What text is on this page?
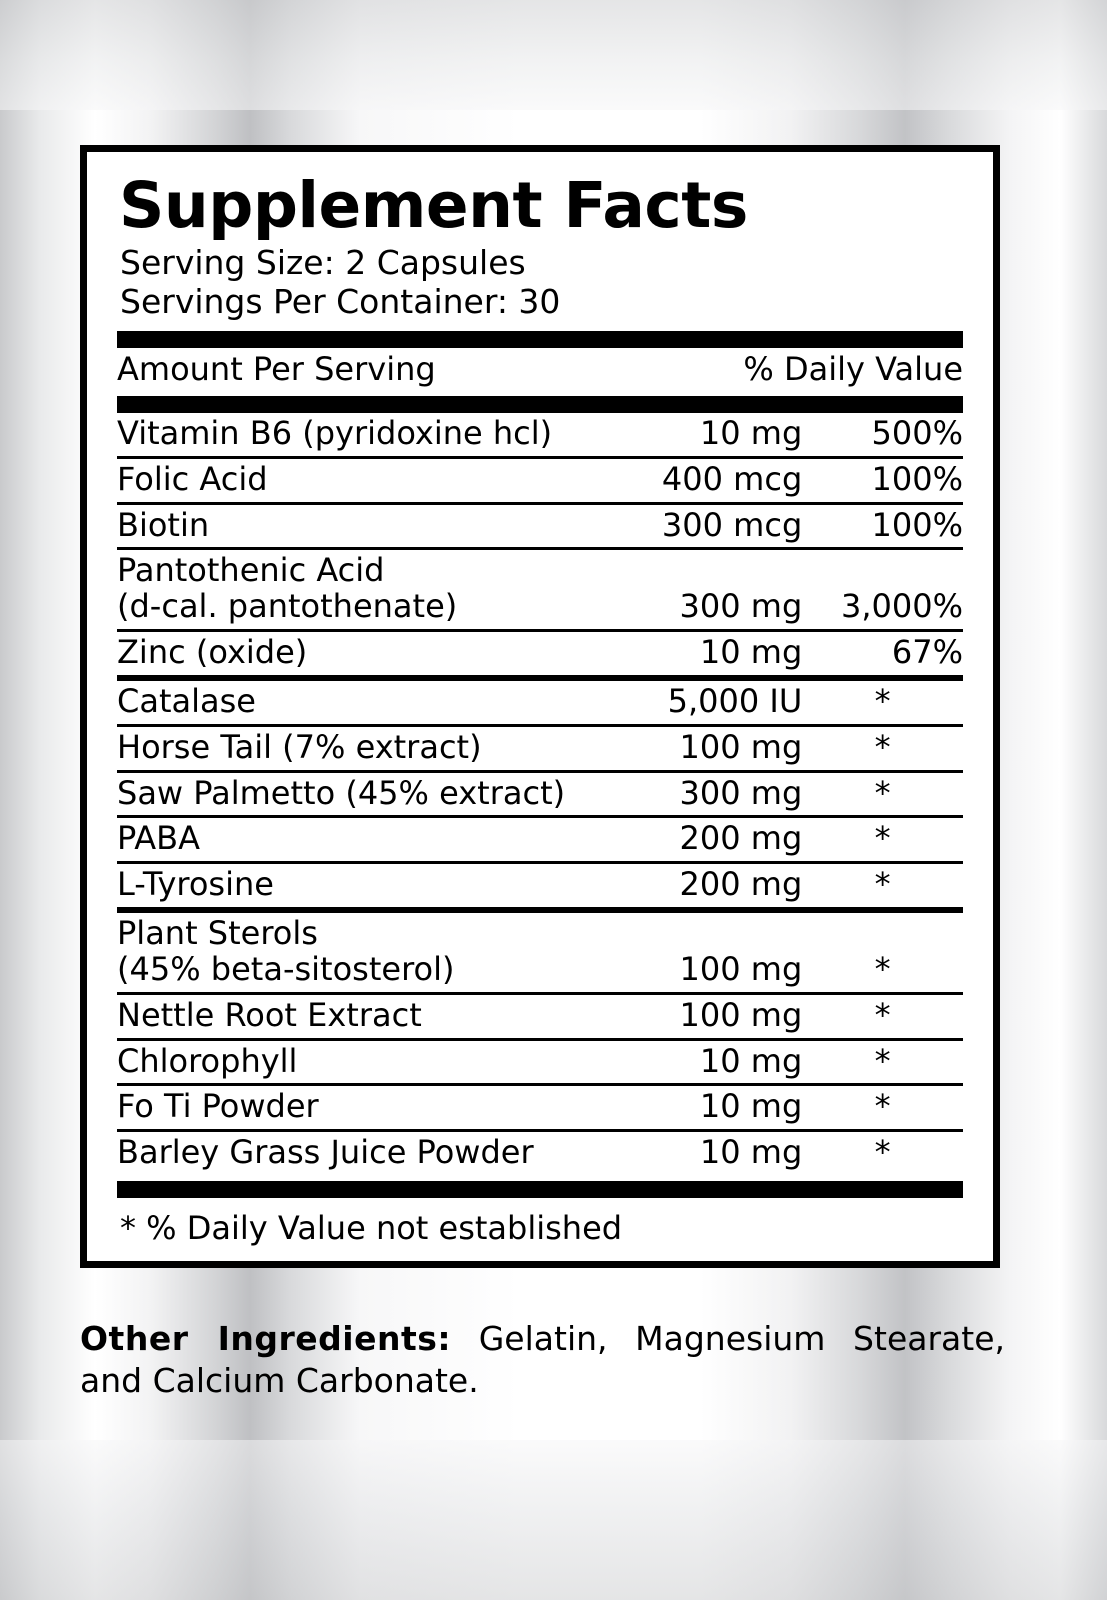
Supplement Facts
Serving Size: 2 Capsules
Servings Per Container: 30
Amount Per Serving	% Daily Value
Vitamin B6 (pyridoxine hcl)	10 mg	500%
Folic Acid	400 mcg	100%
Biotin	300 mcg	100%

Pantothenic Acid
(d-cal. pantothenate)	300 mg	3,000%
Zinc (oxide)	10 mg	67%
Catalase	5,000 IU	*
Horse Tail (7% extract)	100 mg	*
Saw Palmetto (45% extract)	300 mg	*
PABA	200 mg	*
L-Tyrosine	200 mg	*

Plant Sterols
(45% beta-sitosterol)	100 mg	*
Nettle Root Extract	100 mg	*
Chlorophyll	10 mg	*
Fo Ti Powder	10 mg	*
Barley Grass Juice Powder	10 mg	*
* % Daily Value not established
Other Ingredients: Gelatin, Magnesium Stearate, and Calcium Carbonate.
